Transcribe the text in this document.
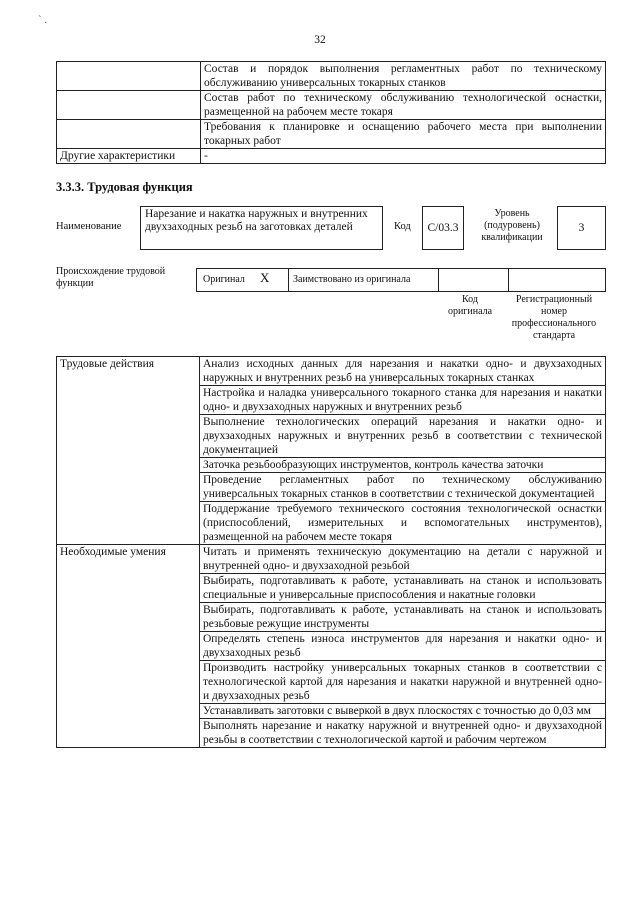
` .
32
	Состав и порядок выполнения регламентных работ по техническому обслуживанию универсальных токарных станков
	Состав работ по техническому обслуживанию технологической оснастки, размещенной на рабочем месте токаря
	Требования к планировке и оснащению рабочего места при выполнении токарных работ
Другие характеристики	-
3.3.3. Трудовая функция
Наименование
Нарезание и накатка наружных и внутренних двухзаходных резьб на заготовках деталей	Код С/03.3
Уровень (подуровень) квалификации
3
Происхождение трудовой функции	Оригинал X Заимствовано из оригинала
Код оригинала
Регистрационный номер профессионального стандарта
Трудовые действия	Анализ исходных данных для нарезания и накатки одно- и двухзаходных наружных и внутренних резьб на универсальных токарных станках
	Настройка и наладка универсального токарного станка для нарезания и накатки одно- и двухзаходных наружных и внутренних резьб
	Выполнение технологических операций нарезания и накатки одно- и двухзаходных наружных и внутренних резьб в соответствии с технической документацией
	Заточка резьбообразующих инструментов, контроль качества заточки
	Проведение регламентных работ по техническому обслуживанию универсальных токарных станков в соответствии с технической документацией
	Поддержание требуемого технического состояния технологической оснастки (приспособлений, измерительных и вспомогательных инструментов), размещенной на рабочем месте токаря
Необходимые умения	Читать и применять техническую документацию на детали с наружной и внутренней одно- и двухзаходной резьбой
	Выбирать, подготавливать к работе, устанавливать на станок и использовать специальные и универсальные приспособления и накатные головки
	Выбирать, подготавливать к работе, устанавливать на станок и использовать резьбовые режущие инструменты
	Определять степень износа инструментов для нарезания и накатки одно- и двухзаходных резьб
	Производить настройку универсальных токарных станков в соответствии с технологической картой для нарезания и накатки наружной и внутренней одно- и двухзаходных резьб
	Устанавливать заготовки с выверкой в двух плоскостях с точностью до 0,03 мм
	Выполнять нарезание и накатку наружной и внутренней одно- и двухзаходной резьбы в соответствии с технологической картой и рабочим чертежом
